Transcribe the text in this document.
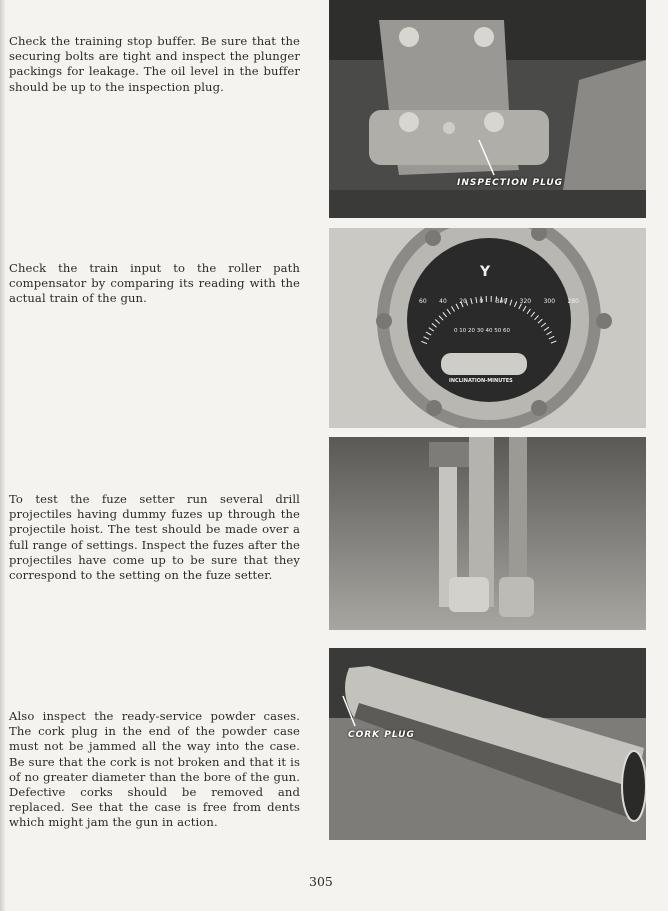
Check the training stop buffer. Be sure that the securing bolts are tight and inspect the plunger packings for leakage. The oil level in the buffer should be up to the inspection plug.

Check the train input to the roller path compensator by comparing its reading with the actual train of the gun.

To test the fuze setter run several drill projectiles having dummy fuzes up through the projectile hoist. The test should be made over a full range of settings. Inspect the fuzes after the projectiles have come up to be sure that they correspond to the setting on the fuze setter.

Also inspect the ready-service powder cases. The cork plug in the end of the powder case must not be jammed all the way into the case. Be sure that the cork is not broken and that it is of no greater diameter than the bore of the gun. Defective corks should be removed and replaced. See that the case is free from dents which might jam the gun in action.

INSPECTION PLUG
Y
60 40 20 0 340 320 300 280
0 10 20 30 40 50 60
INCLINATION-MINUTES
CORK PLUG
305
